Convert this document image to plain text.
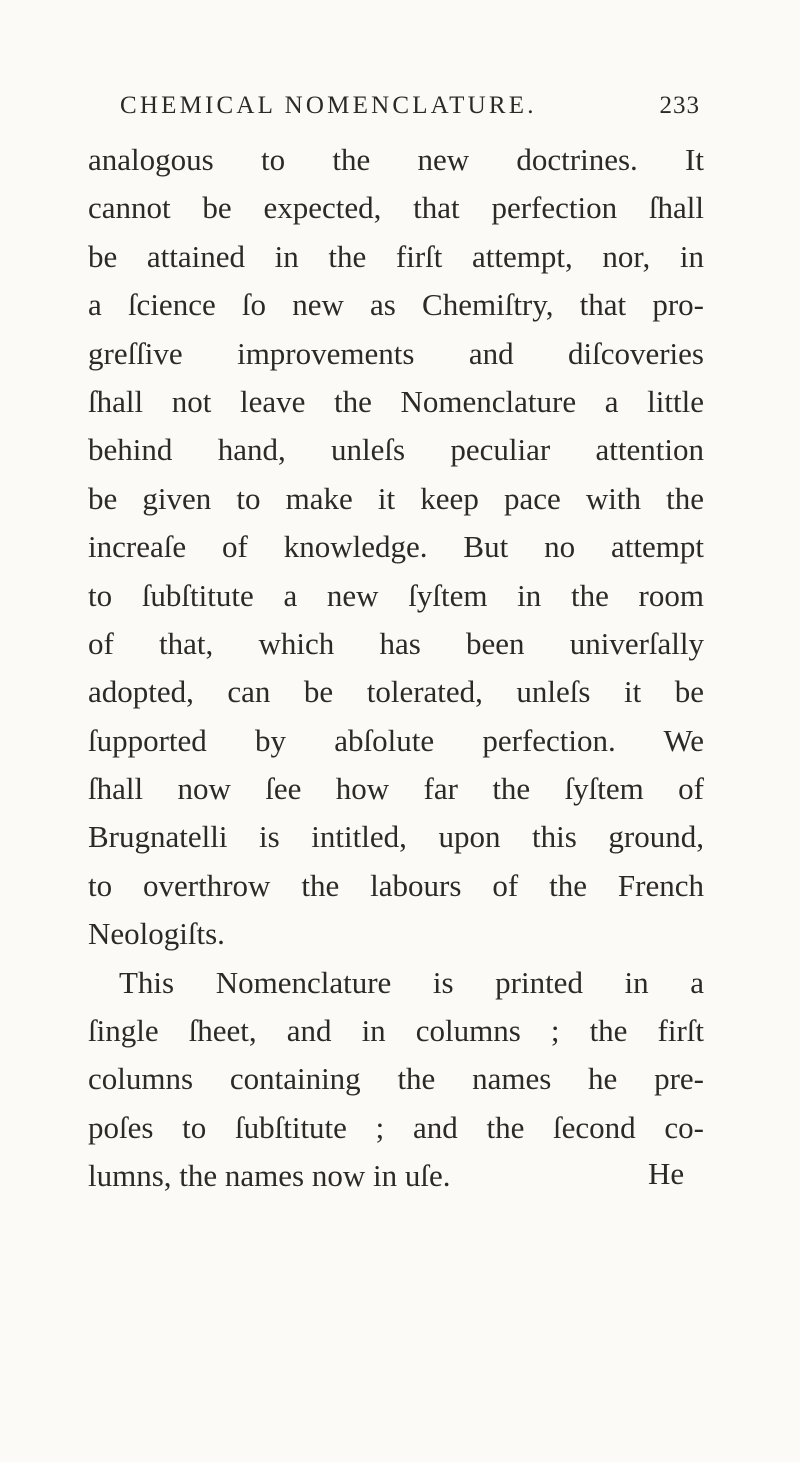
CHEMICAL NOMENCLATURE.	233
analogous to the new doctrines. It
cannot be expected, that perfection ſhall
be attained in the firſt attempt, nor, in
a ſcience ſo new as Chemiſtry, that pro-
greſſive improvements and diſcoveries
ſhall not leave the Nomenclature a little
behind hand, unleſs peculiar attention
be given to make it keep pace with the
increaſe of knowledge. But no attempt
to ſubſtitute a new ſyſtem in the room
of that, which has been univerſally
adopted, can be tolerated, unleſs it be
ſupported by abſolute perfection. We
ſhall now ſee how far the ſyſtem of
Brugnatelli is intitled, upon this ground,
to overthrow the labours of the French
Neologiſts.
This Nomenclature is printed in a
ſingle ſheet, and in columns ; the firſt
columns containing the names he pre-
poſes to ſubſtitute ; and the ſecond co-
lumns, the names now in uſe.	He
